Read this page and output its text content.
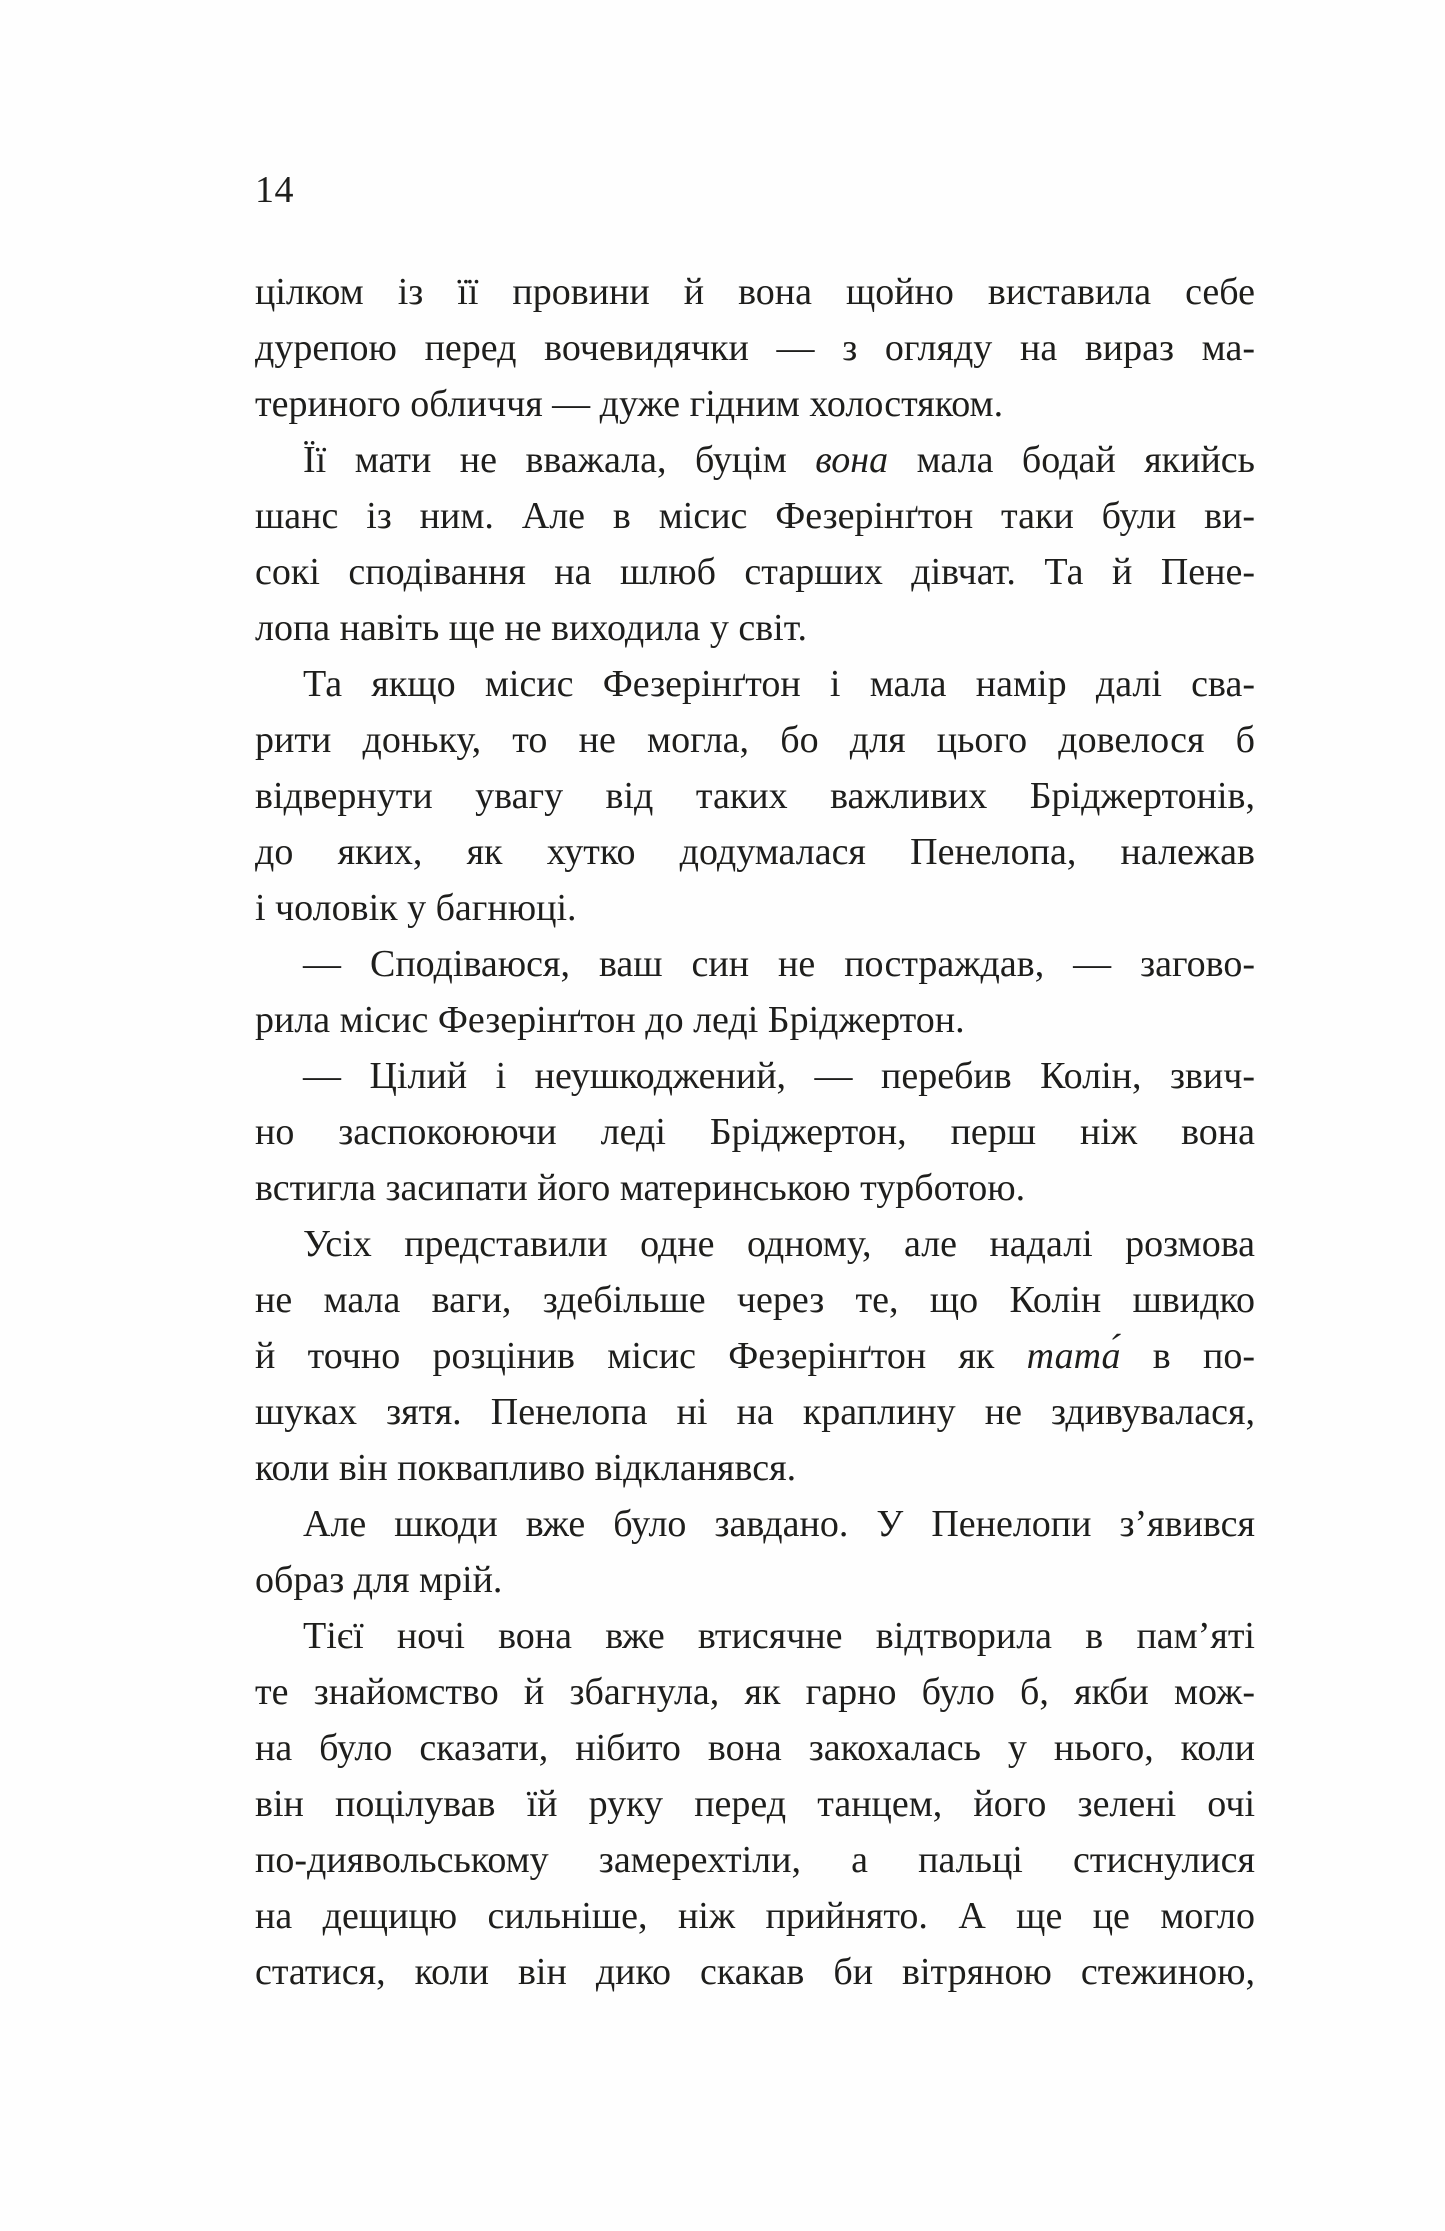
14
цілком із її провини й вона щойно виставила себе
дурепою перед вочевидячки — з огляду на вираз ма-
териного обличчя — дуже гідним холостяком.
Її мати не вважала, буцім вона мала бодай якийсь
шанс із ним. Але в місис Фезерінґтон таки були ви-
сокі сподівання на шлюб старших дівчат. Та й Пене-
лопа навіть ще не виходила у світ.
Та якщо місис Фезерінґтон і мала намір далі сва-
рити доньку, то не могла, бо для цього довелося б
відвернути увагу від таких важливих Бріджертонів,
до яких, як хутко додумалася Пенелопа, належав
і чоловік у багнюці.
— Сподіваюся, ваш син не постраждав, — загово-
рила місис Фезерінґтон до леді Бріджертон.
— Цілий і неушкоджений, — перебив Колін, звич-
но заспокоюючи леді Бріджертон, перш ніж вона
встигла засипати його материнською турботою.
Усіх представили одне одному, але надалі розмова
не мала ваги, здебільше через те, що Колін швидко
й точно розцінив місис Фезерінґтон як тата́ в по-
шуках зятя. Пенелопа ні на краплину не здивувалася,
коли він поквапливо відкланявся.
Але шкоди вже було завдано. У Пенелопи з’явився
образ для мрій.
Тієї ночі вона вже втисячне відтворила в пам’яті
те знайомство й збагнула, як гарно було б, якби мож-
на було сказати, нібито вона закохалась у нього, коли
він поцілував їй руку перед танцем, його зелені очі
по-диявольському замерехтіли, а пальці стиснулися
на дещицю сильніше, ніж прийнято. А ще це могло
статися, коли він дико скакав би вітряною стежиною,
